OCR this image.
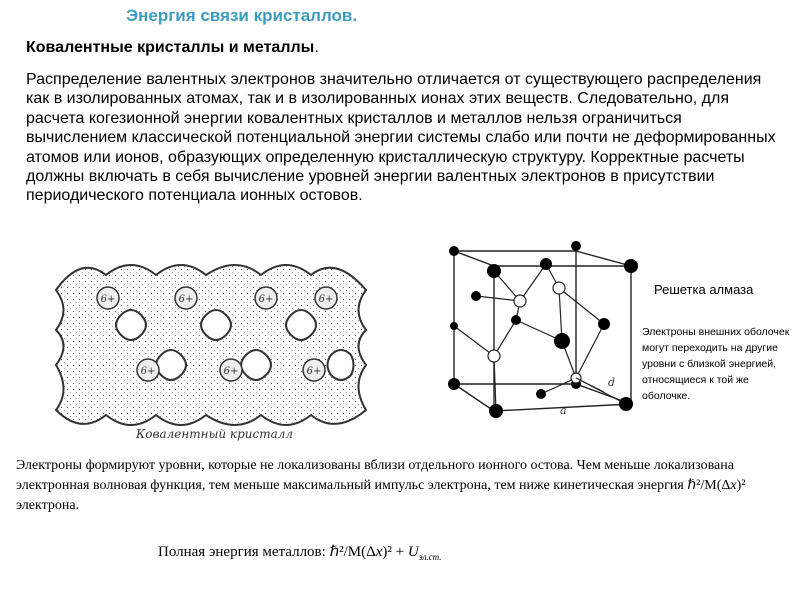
Энергия связи кристаллов.
Ковалентные кристаллы и металлы.
Распределение валентных электронов значительно отличается от существующего распределения как в изолированных атомах, так и в изолированных ионах этих веществ. Следовательно, для расчета когезионной энергии ковалентных кристаллов и металлов нельзя ограничиться вычислением классической потенциальной энергии системы слабо или почти не деформированных атомов или ионов, образующих определенную кристаллическую структуру. Корректные расчеты должны включать в себя вычисление уровней энергии валентных электронов в присутствии периодического потенциала ионных остовов.
6+	6+	6+	6+
6+	6+	6+
Ковалентный кристалл
d
a
Решетка алмаза
Электроны внешних оболочек могут переходить на другие уровни с близкой энергией, относящиеся к той же оболочке.
Электроны формируют уровни, которые не локализованы вблизи отдельного ионного остова. Чем меньше локализована электронная волновая функция, тем меньше максимальный импульс электрона, тем ниже кинетическая энергия ℏ²/M(Δx)² электрона.
Полная энергия металлов: ℏ²/M(Δx)² + $U_{эл.ст.}$
